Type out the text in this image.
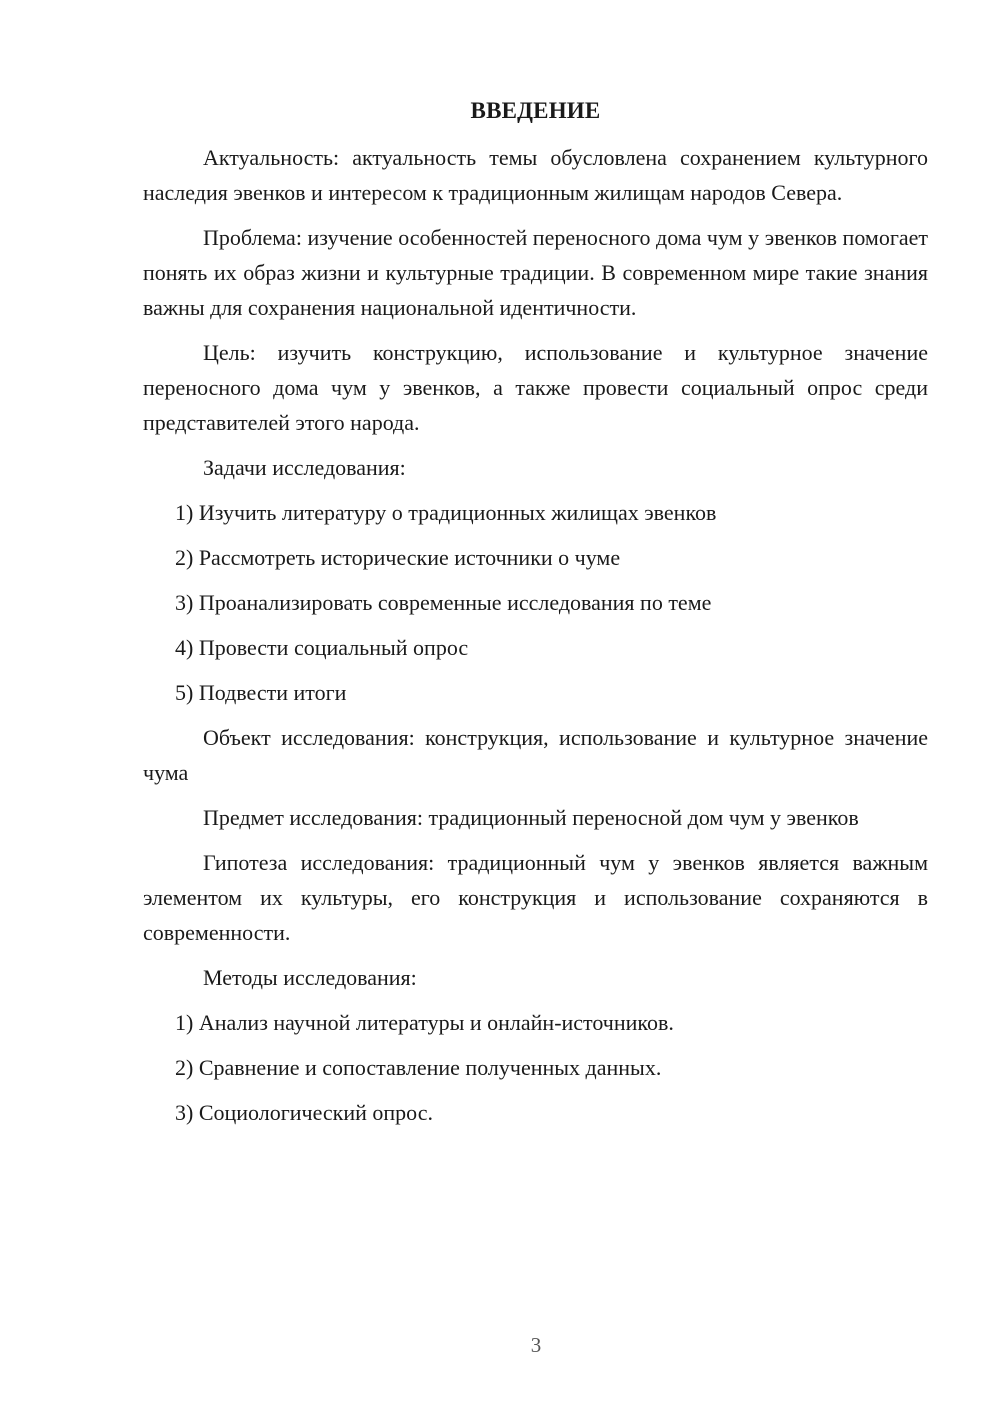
ВВЕДЕНИЕ

Актуальность: актуальность темы обусловлена сохранением культурного наследия эвенков и интересом к традиционным жилищам народов Севера.

Проблема: изучение особенностей переносного дома чум у эвенков помогает понять их образ жизни и культурные традиции. В современном мире такие знания важны для сохранения национальной идентичности.

Цель: изучить конструкцию, использование и культурное значение переносного дома чум у эвенков, а также провести социальный опрос среди представителей этого народа.

Задачи исследования:

1) Изучить литературу о традиционных жилищах эвенков
2) Рассмотреть исторические источники о чуме
3) Проанализировать современные исследования по теме
4) Провести социальный опрос
5) Подвести итоги

Объект исследования: конструкция, использование и культурное значение чума

Предмет исследования: традиционный переносной дом чум у эвенков

Гипотеза исследования: традиционный чум у эвенков является важным элементом их культуры, его конструкция и использование сохраняются в современности.

Методы исследования:

1) Анализ научной литературы и онлайн-источников.
2) Сравнение и сопоставление полученных данных.
3) Социологический опрос.
3
